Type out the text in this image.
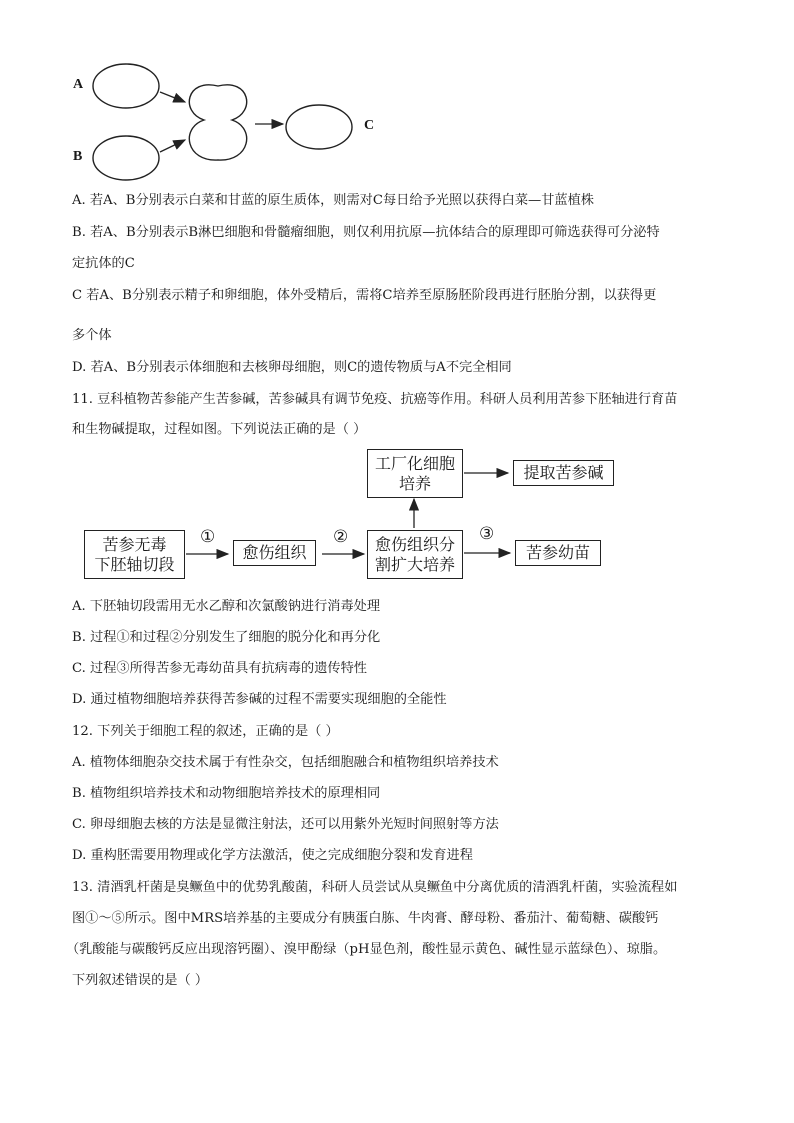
A
B
C
A. 若A、B分别表示白菜和甘蓝的原生质体，则需对C每日给予光照以获得白菜—甘蓝植株
B. 若A、B分别表示B淋巴细胞和骨髓瘤细胞，则仅利用抗原—抗体结合的原理即可筛选获得可分泌特
定抗体的C
C 若A、B分别表示精子和卵细胞，体外受精后，需将C培养至原肠胚阶段再进行胚胎分割，以获得更
多个体
D. 若A、B分别表示体细胞和去核卵母细胞，则C的遗传物质与A不完全相同
11. 豆科植物苦参能产生苦参碱，苦参碱具有调节免疫、抗癌等作用。科研人员利用苦参下胚轴进行育苗
和生物碱提取，过程如图。下列说法正确的是（ ）
苦参无毒
下胚轴切段
愈伤组织	愈伤组织分
割扩大培养
工厂化细胞
培养
提取苦参碱
苦参幼苗
①	②	③
A. 下胚轴切段需用无水乙醇和次氯酸钠进行消毒处理
B. 过程①和过程②分别发生了细胞的脱分化和再分化
C. 过程③所得苦参无毒幼苗具有抗病毒的遗传特性
D. 通过植物细胞培养获得苦参碱的过程不需要实现细胞的全能性
12. 下列关于细胞工程的叙述，正确的是（ ）
A. 植物体细胞杂交技术属于有性杂交，包括细胞融合和植物组织培养技术
B. 植物组织培养技术和动物细胞培养技术的原理相同
C. 卵母细胞去核的方法是显微注射法，还可以用紫外光短时间照射等方法
D. 重构胚需要用物理或化学方法激活，使之完成细胞分裂和发育进程
13. 清酒乳杆菌是臭鳜鱼中的优势乳酸菌，科研人员尝试从臭鳜鱼中分离优质的清酒乳杆菌，实验流程如
图①～⑤所示。图中MRS培养基的主要成分有胰蛋白胨、牛肉膏、酵母粉、番茄汁、葡萄糖、碳酸钙
（乳酸能与碳酸钙反应出现溶钙圈）、溴甲酚绿（pH显色剂，酸性显示黄色、碱性显示蓝绿色）、琼脂。
下列叙述错误的是（ ）
